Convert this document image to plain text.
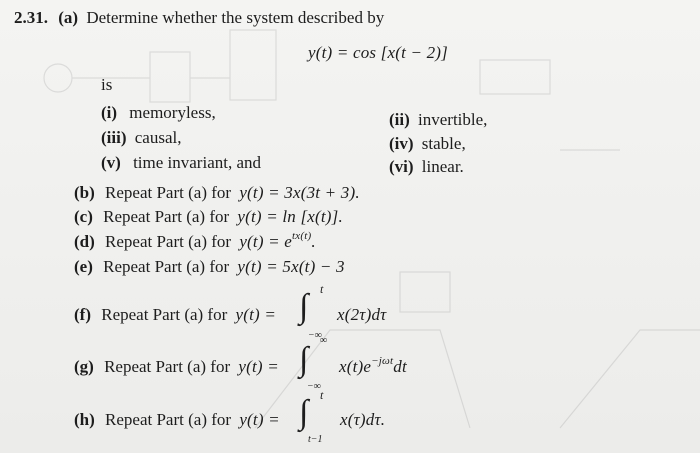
2.31. (a) Determine whether the system described by
y(t) = cos [x(t − 2)]
is
(i) memoryless,	(ii) invertible,
(iii) causal,	(iv) stable,
(v) time invariant, and	(vi) linear.
(b) Repeat Part (a) for y(t) = 3x(3t + 3).
(c) Repeat Part (a) for y(t) = ln [x(t)].
(d) Repeat Part (a) for $y(t) = e^{tx(t)}$.
(e) Repeat Part (a) for y(t) = 5x(t) − 3
(f) Repeat Part (a) for y(t) = ∫ t
−∞
x(2τ)dτ
(g) Repeat Part (a) for y(t) = ∫
∞
−∞
$x(t)e^{-j\omega t}dt$
(h) Repeat Part (a) for y(t) = ∫ t
t−1
x(τ)dτ.
